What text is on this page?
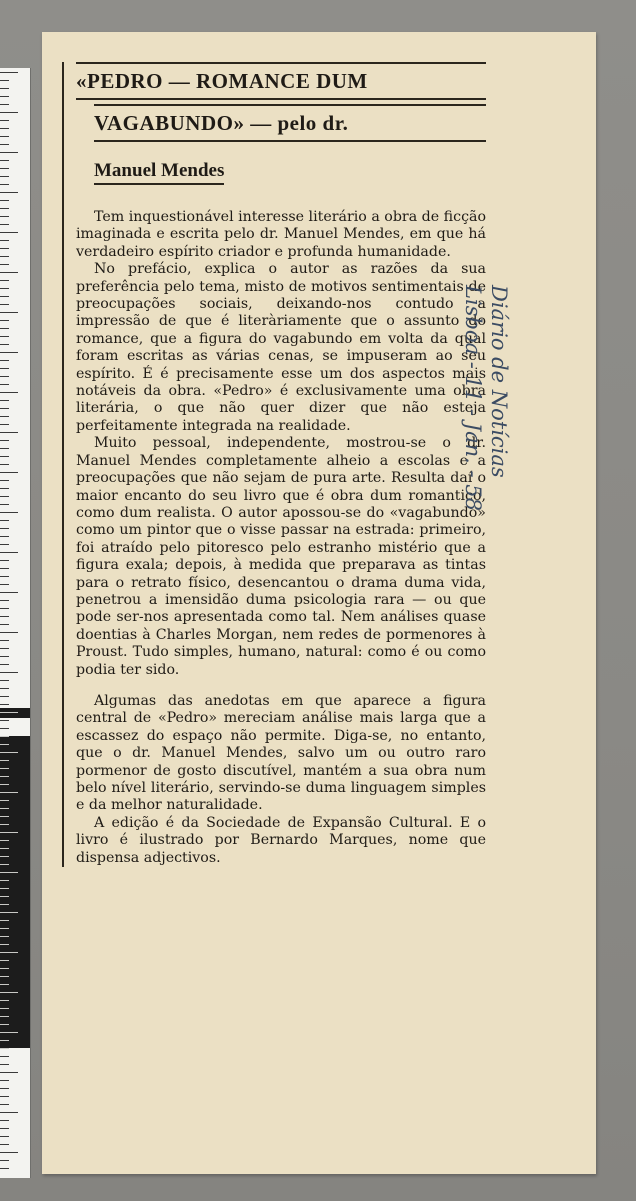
«PEDRO — ROMANCE DUM
VAGABUNDO» — pelo dr.
Manuel Mendes

Tem inquestionável interesse literário a obra de ficção imaginada e escrita pelo dr. Manuel Mendes, em que há verdadeiro espírito criador e profunda humanidade.

No prefácio, explica o autor as razões da sua preferência pelo tema, misto de motivos sentimentais de preocupações sociais, deixando-nos contudo a impressão de que é literàriamente que o assunto do romance, que a figura do vagabundo em volta da qual foram escritas as várias cenas, se impuseram ao seu espírito. É é precisamente esse um dos aspectos mais notáveis da obra. «Pedro» é exclusivamente uma obra literária, o que não quer dizer que não esteja perfeitamente integrada na realidade.

Muito pessoal, independente, mostrou-se o dr. Manuel Mendes completamente alheio a escolas e a preocupações que não sejam de pura arte. Resulta daí o maior encanto do seu livro que é obra dum romantico, como dum realista. O autor apossou-se do «vagabundo» como um pintor que o visse passar na estrada: primeiro, foi atraído pelo pitoresco pelo estranho mistério que a figura exala; depois, à medida que preparava as tintas para o retrato físico, desencantou o drama duma vida, penetrou a imensidão duma psicologia rara — ou que pode ser-nos apresentada como tal. Nem análises quase doentias à Charles Morgan, nem redes de pormenores à Proust. Tudo simples, humano, natural: como é ou como podia ter sido.

Algumas das anedotas em que aparece a figura central de «Pedro» mereciam análise mais larga que a escassez do espaço não permite. Diga-se, no entanto, que o dr. Manuel Mendes, salvo um ou outro raro pormenor de gosto discutível, mantém a sua obra num belo nível literário, servindo-se duma linguagem simples e da melhor naturalidade.

A edição é da Sociedade de Expansão Cultural. E o livro é ilustrado por Bernardo Marques, nome que dispensa adjectivos.

Diário de Notícias
Lisboa - 11 - Jan. - 58
